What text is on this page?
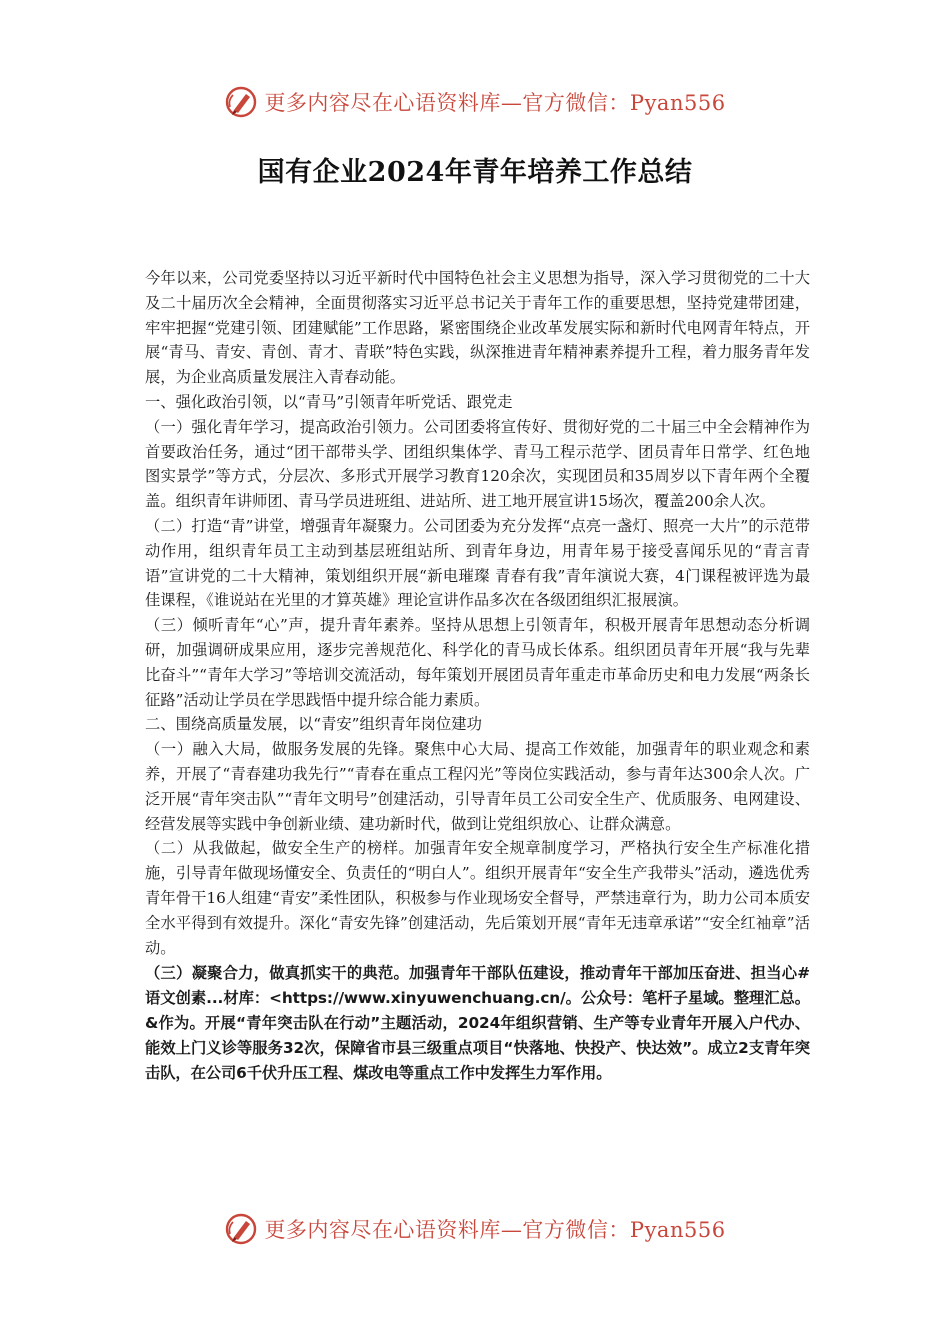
更多内容尽在心语资料库—官方微信：Pyan556
国有企业2024年青年培养工作总结

今年以来，公司党委坚持以习近平新时代中国特色社会主义思想为指导，深入学习贯彻党的二十大及二十届历次全会精神，全面贯彻落实习近平总书记关于青年工作的重要思想，坚持党建带团建，牢牢把握“党建引领、团建赋能”工作思路，紧密围绕企业改革发展实际和新时代电网青年特点，开展“青马、青安、青创、青才、青联”特色实践，纵深推进青年精神素养提升工程，着力服务青年发展，为企业高质量发展注入青春动能。

一、强化政治引领，以“青马”引领青年听党话、跟党走

（一）强化青年学习，提高政治引领力。公司团委将宣传好、贯彻好党的二十届三中全会精神作为首要政治任务，通过“团干部带头学、团组织集体学、青马工程示范学、团员青年日常学、红色地图实景学”等方式，分层次、多形式开展学习教育120余次，实现团员和35周岁以下青年两个全覆盖。组织青年讲师团、青马学员进班组、进站所、进工地开展宣讲15场次，覆盖200余人次。

（二）打造“青”讲堂，增强青年凝聚力。公司团委为充分发挥“点亮一盏灯、照亮一大片”的示范带动作用，组织青年员工主动到基层班组站所、到青年身边，用青年易于接受喜闻乐见的“青言青语”宣讲党的二十大精神，策划组织开展“新电璀璨 青春有我”青年演说大赛，4门课程被评选为最佳课程，《谁说站在光里的才算英雄》理论宣讲作品多次在各级团组织汇报展演。

（三）倾听青年“心”声，提升青年素养。坚持从思想上引领青年，积极开展青年思想动态分析调研，加强调研成果应用，逐步完善规范化、科学化的青马成长体系。组织团员青年开展“我与先辈比奋斗”“青年大学习”等培训交流活动，每年策划开展团员青年重走市革命历史和电力发展“两条长征路”活动让学员在学思践悟中提升综合能力素质。

二、围绕高质量发展，以“青安”组织青年岗位建功

（一）融入大局，做服务发展的先锋。聚焦中心大局、提高工作效能，加强青年的职业观念和素养，开展了“青春建功我先行”“青春在重点工程闪光”等岗位实践活动，参与青年达300余人次。广泛开展“青年突击队”“青年文明号”创建活动，引导青年员工公司安全生产、优质服务、电网建设、经营发展等实践中争创新业绩、建功新时代，做到让党组织放心、让群众满意。

（二）从我做起，做安全生产的榜样。加强青年安全规章制度学习，严格执行安全生产标准化措施，引导青年做现场懂安全、负责任的“明白人”。组织开展青年“安全生产我带头”活动，遴选优秀青年骨干16人组建“青安”柔性团队，积极参与作业现场安全督导，严禁违章行为，助力公司本质安全水平得到有效提升。深化“青安先锋”创建活动，先后策划开展“青年无违章承诺”“安全红袖章”活动。

（三）凝聚合力，做真抓实干的典范。加强青年干部队伍建设，推动青年干部加压奋进、担当心#语文创素...材库：<https://www.xinyuwenchuang.cn/。公众号：笔杆子星域。整理汇总。&作为。开展“青年突击队在行动”主题活动，2024年组织营销、生产等专业青年开展入户代办、能效上门义诊等服务32次，保障省市县三级重点项目“快落地、快投产、快达效”。成立2支青年突击队，在公司6千伏升压工程、煤改电等重点工作中发挥生力军作用。

更多内容尽在心语资料库—官方微信：Pyan556
